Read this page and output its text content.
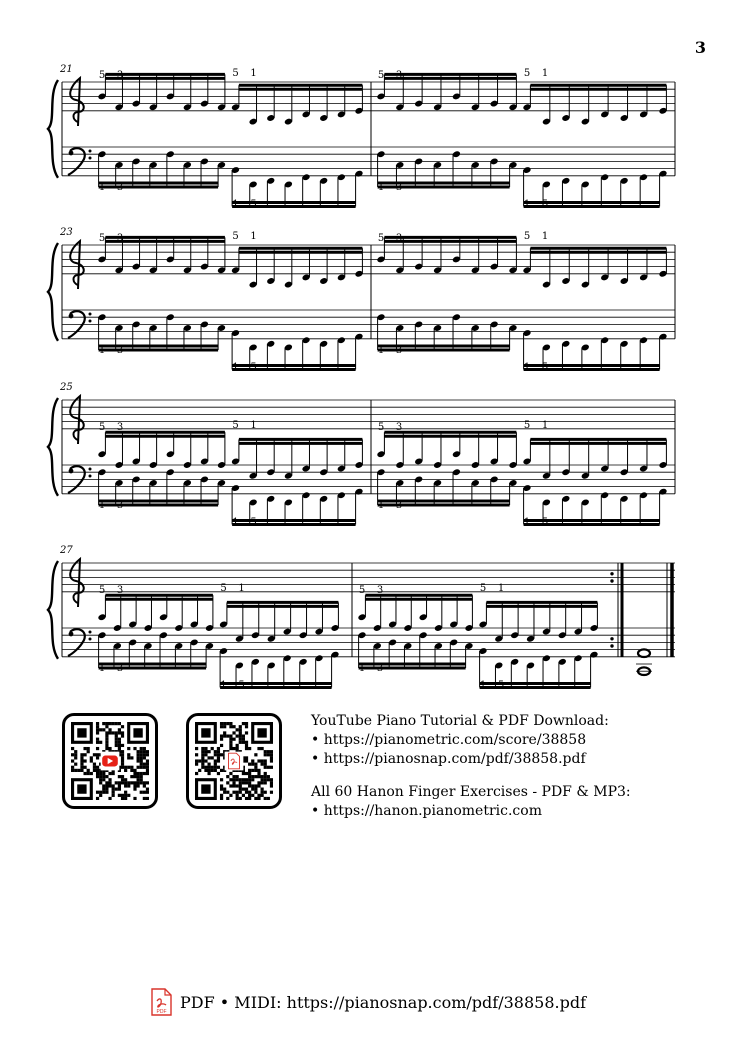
3
21
5 3	5 1
1 3
1 5
5 3	5 1
1 3
1 5
23
5 3	5 1
1 3
1 5
5 3	5 1
1 3
1 5
25
5 3	5 1
1 3
1 5
5 3	5 1
1 3
1 5
27
5 3	5 1
1 3
1 5
5 3	5 1
1 3
1 5
YouTube Piano Tutorial & PDF Download:
• https://pianometric.com/score/38858
• https://pianosnap.com/pdf/38858.pdf
All 60 Hanon Finger Exercises - PDF & MP3:
• https://hanon.pianometric.com
PDF
PDF • MIDI: https://pianosnap.com/pdf/38858.pdf
